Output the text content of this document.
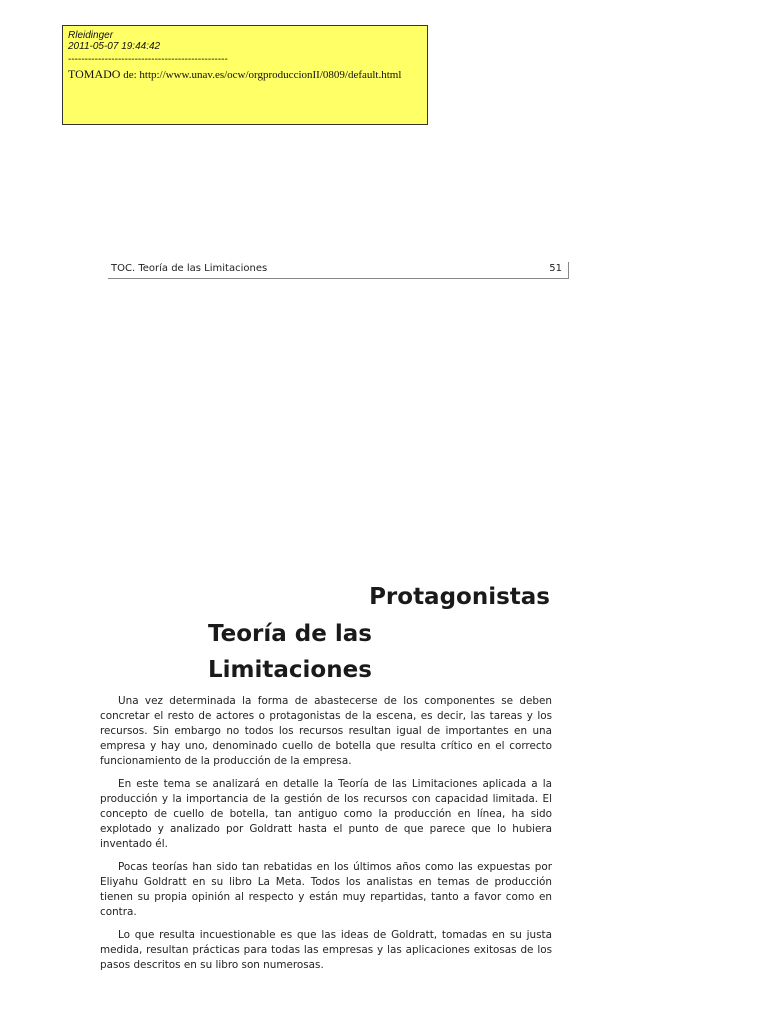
Rleidinger
2011-05-07 19:44:42
------------------------------------------------
TOMADO de: http://www.unav.es/ocw/orgproduccionII/0809/default.html
TOC. Teoría de las Limitaciones	51
Protagonistas
Teoría de las
Limitaciones

Una vez determinada la forma de abastecerse de los componentes se deben concretar el resto de actores o protagonistas de la escena, es decir, las tareas y los recursos. Sin embargo no todos los recursos resultan igual de importantes en una empresa y hay uno, denominado cuello de botella que resulta crítico en el correcto funcionamiento de la producción de la empresa.

En este tema se analizará en detalle la Teoría de las Limitaciones aplicada a la producción y la importancia de la gestión de los recursos con capacidad limitada. El concepto de cuello de botella, tan antiguo como la producción en línea, ha sido explotado y analizado por Goldratt hasta el punto de que parece que lo hubiera inventado él.

Pocas teorías han sido tan rebatidas en los últimos años como las expuestas por Eliyahu Goldratt en su libro La Meta. Todos los analistas en temas de producción tienen su propia opinión al respecto y están muy repartidas, tanto a favor como en contra.

Lo que resulta incuestionable es que las ideas de Goldratt, tomadas en su justa medida, resultan prácticas para todas las empresas y las aplicaciones exitosas de los pasos descritos en su libro son numerosas.
